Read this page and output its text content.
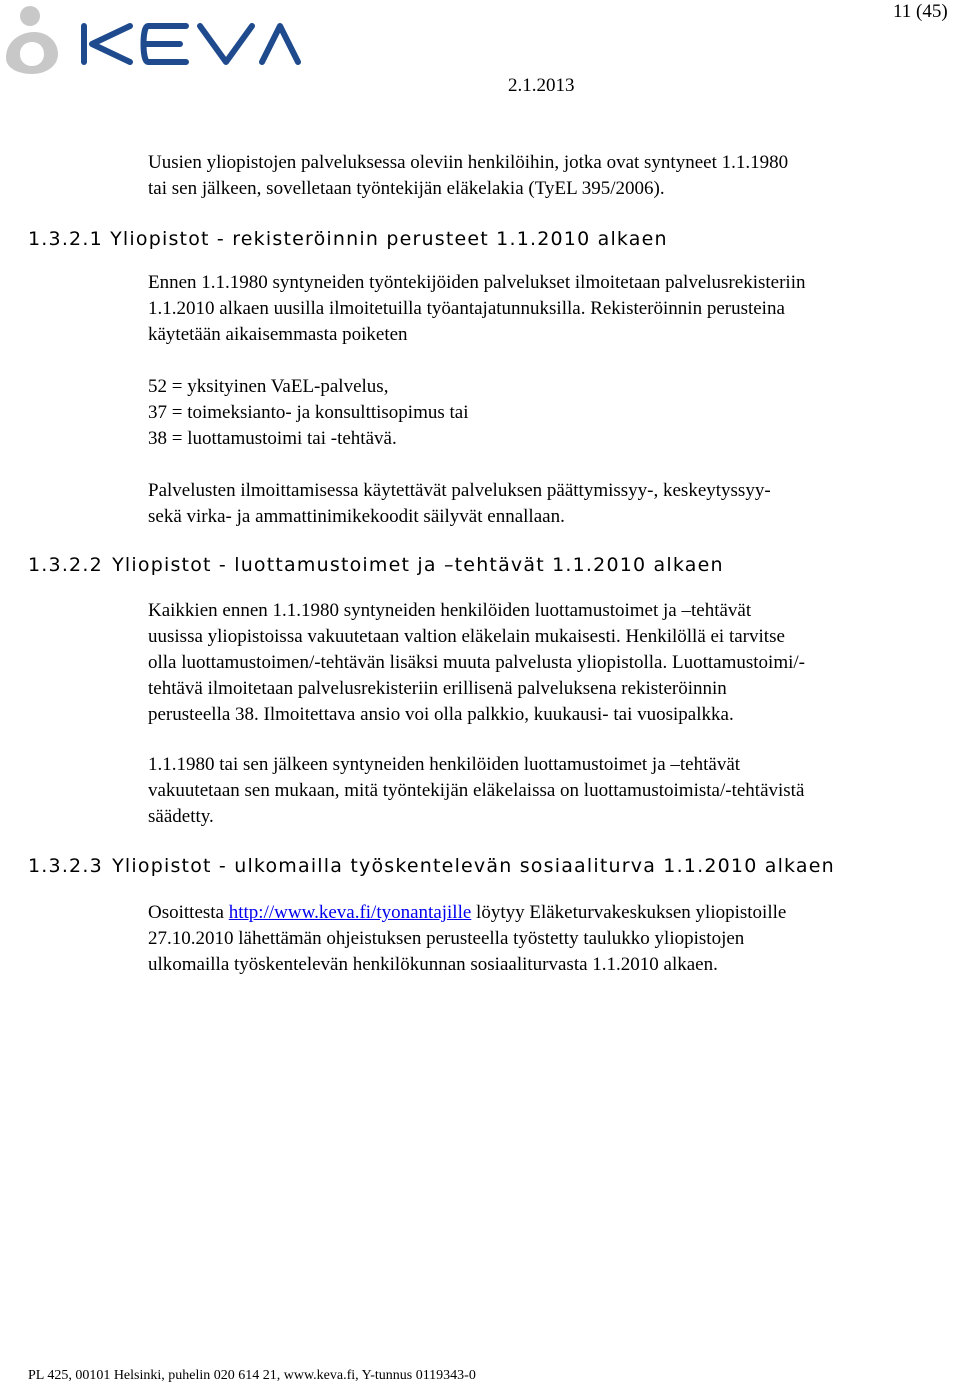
11 (45)
2.1.2013
Uusien yliopistojen palveluksessa oleviin henkilöihin, jotka ovat syntyneet 1.1.1980
tai sen jälkeen, sovelletaan työntekijän eläkelakia (TyEL 395/2006).
1.3.2.1 Yliopistot - rekisteröinnin perusteet 1.1.2010 alkaen
Ennen 1.1.1980 syntyneiden työntekijöiden palvelukset ilmoitetaan palvelusrekisteriin
1.1.2010 alkaen uusilla ilmoitetuilla työantajatunnuksilla. Rekisteröinnin perusteina
käytetään aikaisemmasta poiketen
52 = yksityinen VaEL-palvelus,
37 = toimeksianto- ja konsulttisopimus tai
38 = luottamustoimi tai -tehtävä.
Palvelusten ilmoittamisessa käytettävät palveluksen päättymissyy-, keskeytyssyy-
sekä virka- ja ammattinimikekoodit säilyvät ennallaan.
1.3.2.2 Yliopistot - luottamustoimet ja –tehtävät 1.1.2010 alkaen
Kaikkien ennen 1.1.1980 syntyneiden henkilöiden luottamustoimet ja –tehtävät
uusissa yliopistoissa vakuutetaan valtion eläkelain mukaisesti. Henkilöllä ei tarvitse
olla luottamustoimen/-tehtävän lisäksi muuta palvelusta yliopistolla. Luottamustoimi/-
tehtävä ilmoitetaan palvelusrekisteriin erillisenä palveluksena rekisteröinnin
perusteella 38. Ilmoitettava ansio voi olla palkkio, kuukausi- tai vuosipalkka.
1.1.1980 tai sen jälkeen syntyneiden henkilöiden luottamustoimet ja –tehtävät
vakuutetaan sen mukaan, mitä työntekijän eläkelaissa on luottamustoimista/-tehtävistä
säädetty.
1.3.2.3 Yliopistot - ulkomailla työskentelevän sosiaaliturva 1.1.2010 alkaen
Osoittesta http://www.keva.fi/tyonantajille löytyy Eläketurvakeskuksen yliopistoille
27.10.2010 lähettämän ohjeistuksen perusteella työstetty taulukko yliopistojen
ulkomailla työskentelevän henkilökunnan sosiaaliturvasta 1.1.2010 alkaen.
PL 425, 00101 Helsinki, puhelin 020 614 21, www.keva.fi, Y-tunnus 0119343-0
